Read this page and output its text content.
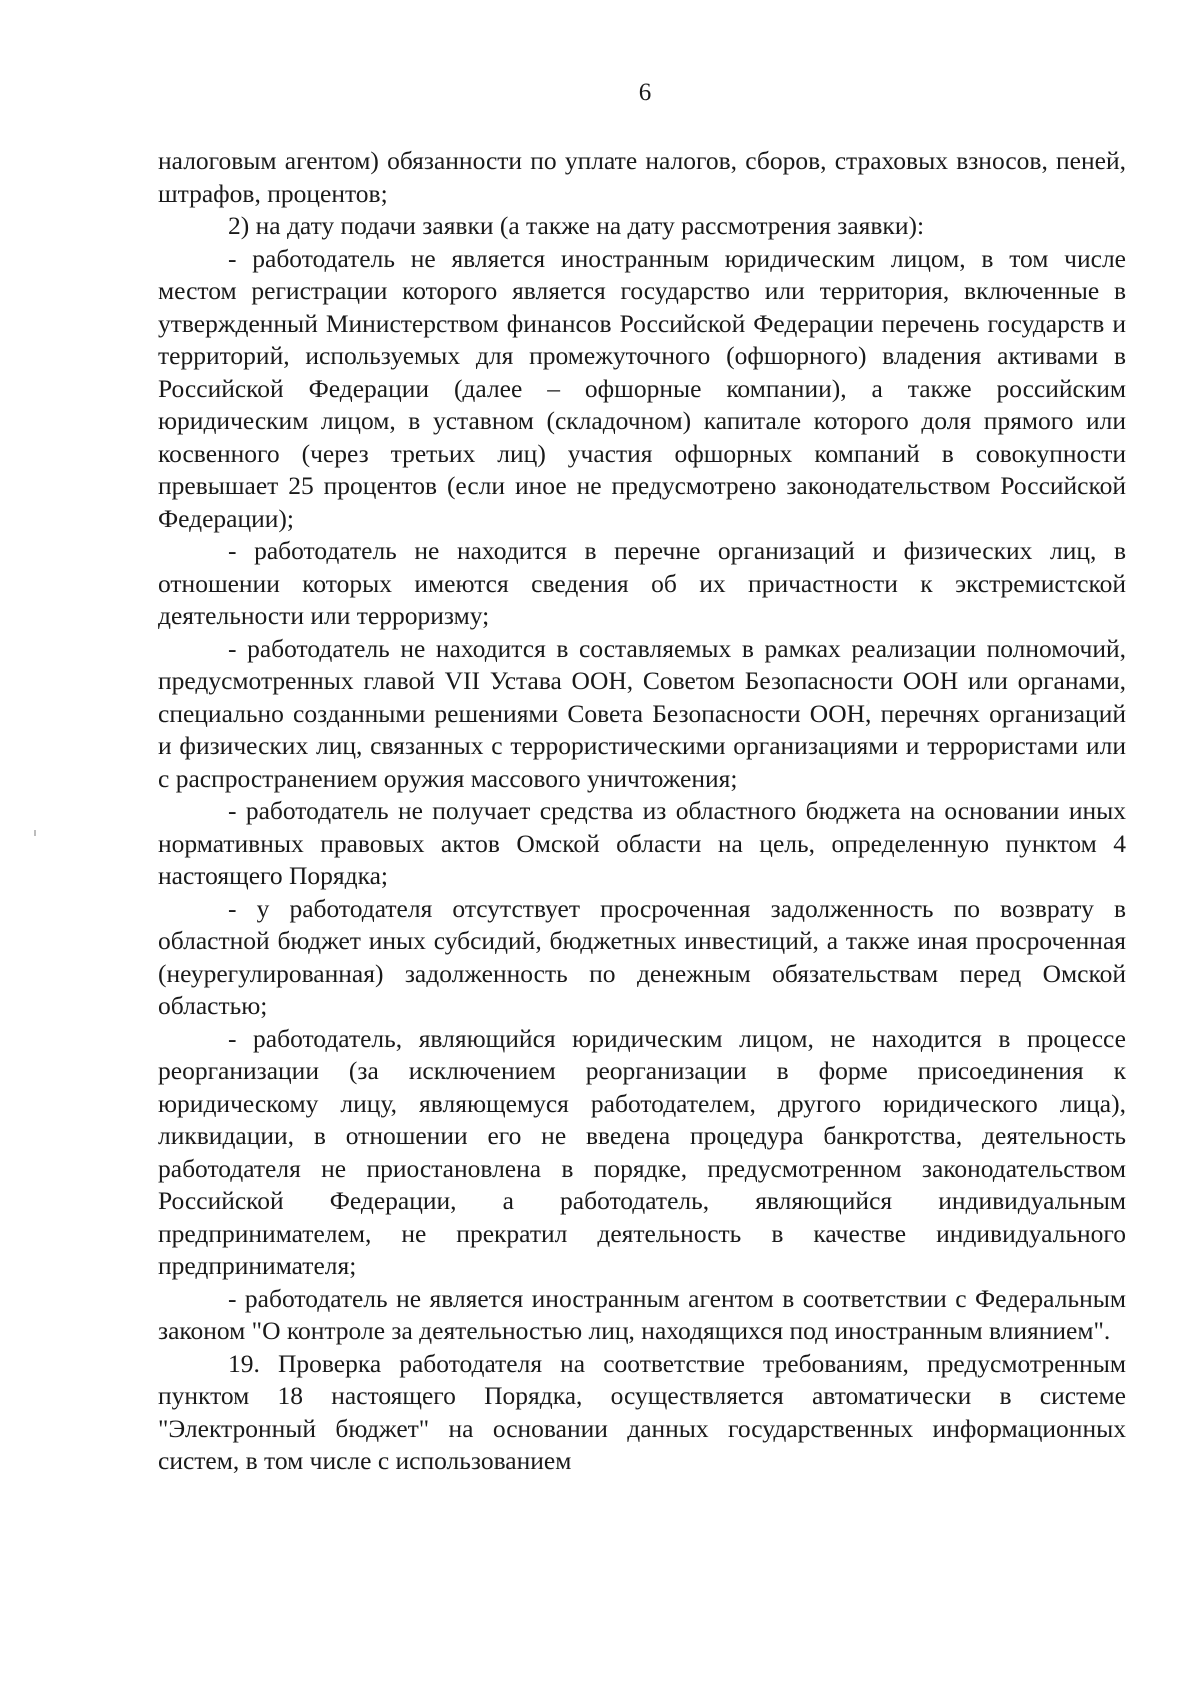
6

налоговым агентом) обязанности по уплате налогов, сборов, страховых взносов, пеней, штрафов, процентов;

2) на дату подачи заявки (а также на дату рассмотрения заявки):

- работодатель не является иностранным юридическим лицом, в том числе местом регистрации которого является государство или территория, включенные в утвержденный Министерством финансов Российской Федерации перечень государств и территорий, используемых для промежуточного (офшорного) владения активами в Российской Федерации (далее – офшорные компании), а также российским юридическим лицом, в уставном (складочном) капитале которого доля прямого или косвенного (через третьих лиц) участия офшорных компаний в совокупности превышает 25 процентов (если иное не предусмотрено законодательством Российской Федерации);

- работодатель не находится в перечне организаций и физических лиц, в отношении которых имеются сведения об их причастности к экстремистской деятельности или терроризму;

- работодатель не находится в составляемых в рамках реализации полномочий, предусмотренных главой VII Устава ООН, Советом Безопасности ООН или органами, специально созданными решениями Совета Безопасности ООН, перечнях организаций и физических лиц, связанных с террористическими организациями и террористами или с распространением оружия массового уничтожения;

- работодатель не получает средства из областного бюджета на основании иных нормативных правовых актов Омской области на цель, определенную пунктом 4 настоящего Порядка;

- у работодателя отсутствует просроченная задолженность по возврату в областной бюджет иных субсидий, бюджетных инвестиций, а также иная просроченная (неурегулированная) задолженность по денежным обязательствам перед Омской областью;

- работодатель, являющийся юридическим лицом, не находится в процессе реорганизации (за исключением реорганизации в форме присоединения к юридическому лицу, являющемуся работодателем, другого юридического лица), ликвидации, в отношении его не введена процедура банкротства, деятельность работодателя не приостановлена в порядке, предусмотренном законодательством Российской Федерации, а работодатель, являющийся индивидуальным предпринимателем, не прекратил деятельность в качестве индивидуального предпринимателя;

- работодатель не является иностранным агентом в соответствии с Федеральным законом "О контроле за деятельностью лиц, находящихся под иностранным влиянием".

19. Проверка работодателя на соответствие требованиям, предусмотренным пунктом 18 настоящего Порядка, осуществляется автоматически в системе "Электронный бюджет" на основании данных государственных информационных систем, в том числе с использованием
